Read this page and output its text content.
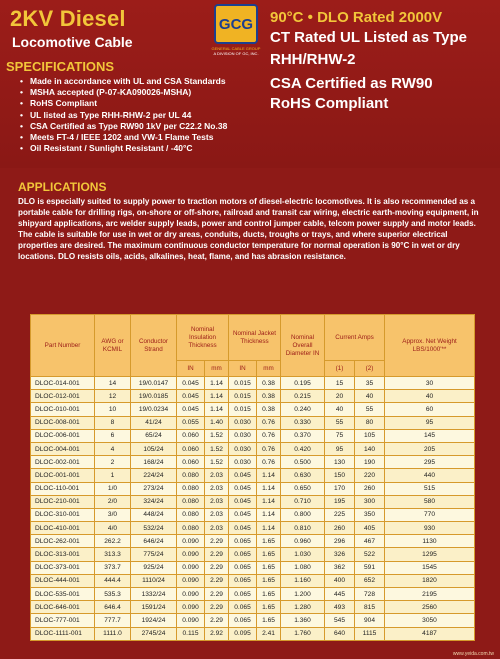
2KV Diesel
Locomotive Cable
GCG
GENERAL CABLE GROUP
A DIVISION OF GC, INC.
90°C • DLO Rated 2000V
CT Rated UL Listed as Type
RHH/RHW-2
CSA Certified as RW90
RoHS Compliant
SPECIFICATIONS
• Made in accordance with UL and CSA Standards
• MSHA accepted (P-07-KA090026-MSHA)
• RoHS Compliant
• UL listed as Type RHH-RHW-2 per UL 44
• CSA Certified as Type RW90 1kV per C22.2 No.38
• Meets FT-4 / IEEE 1202 and VW-1 Flame Tests
• Oil Resistant / Sunlight Resistant / -40°C
APPLICATIONS
DLO is especially suited to supply power to traction motors of diesel-electric locomotives. It is also recommended as a portable cable for drilling rigs, on-shore or off-shore, railroad and transit car wiring, electric earth-moving equipment, in shipyard applications, arc welder supply leads, power and control jumper cable, telcom power supply and motor leads. The cable is suitable for use in wet or dry areas, conduits, ducts, troughs or trays, and where superior electrical properties are desired. The maximum continuous conductor temperature for normal operation is 90°C in wet or dry locations. DLO resists oils, acids, alkalines, heat, flame, and has abrasion resistance.
Part Number	AWG or KCMIL	Conductor Strand	Nominal Insulation Thickness		Nominal Jacket Thickness		Nominal Overall Diameter IN	Current Amps		Approx. Net Weight LBS/1000'**
			IN	mm	IN	mm		(1)	(2)	
DLOC-014-001	14	19/0.0147	0.045	1.14	0.015	0.38	0.195	15	35	30
DLOC-012-001	12	19/0.0185	0.045	1.14	0.015	0.38	0.215	20	40	40
DLOC-010-001	10	19/0.0234	0.045	1.14	0.015	0.38	0.240	40	55	60
DLOC-008-001	8	41/24	0.055	1.40	0.030	0.76	0.330	55	80	95
DLOC-006-001	6	65/24	0.060	1.52	0.030	0.76	0.370	75	105	145
DLOC-004-001	4	105/24	0.060	1.52	0.030	0.76	0.420	95	140	205
DLOC-002-001	2	168/24	0.060	1.52	0.030	0.76	0.500	130	190	295
DLOC-001-001	1	224/24	0.080	2.03	0.045	1.14	0.630	150	220	440
DLOC-110-001	1/0	273/24	0.080	2.03	0.045	1.14	0.650	170	260	515
DLOC-210-001	2/0	324/24	0.080	2.03	0.045	1.14	0.710	195	300	580
DLOC-310-001	3/0	448/24	0.080	2.03	0.045	1.14	0.800	225	350	770
DLOC-410-001	4/0	532/24	0.080	2.03	0.045	1.14	0.810	260	405	930
DLOC-262-001	262.2	646/24	0.090	2.29	0.065	1.65	0.960	296	467	1130
DLOC-313-001	313.3	775/24	0.090	2.29	0.065	1.65	1.030	326	522	1295
DLOC-373-001	373.7	925/24	0.090	2.29	0.065	1.65	1.080	362	591	1545
DLOC-444-001	444.4	1110/24	0.090	2.29	0.065	1.65	1.160	400	652	1820
DLOC-535-001	535.3	1332/24	0.090	2.29	0.065	1.65	1.200	445	728	2195
DLOC-646-001	646.4	1591/24	0.090	2.29	0.065	1.65	1.280	493	815	2560
DLOC-777-001	777.7	1924/24	0.090	2.29	0.065	1.65	1.360	545	904	3050
DLOC-1111-001	1111.0	2745/24	0.115	2.92	0.095	2.41	1.760	640	1115	4187
www.yeida.com.tw
